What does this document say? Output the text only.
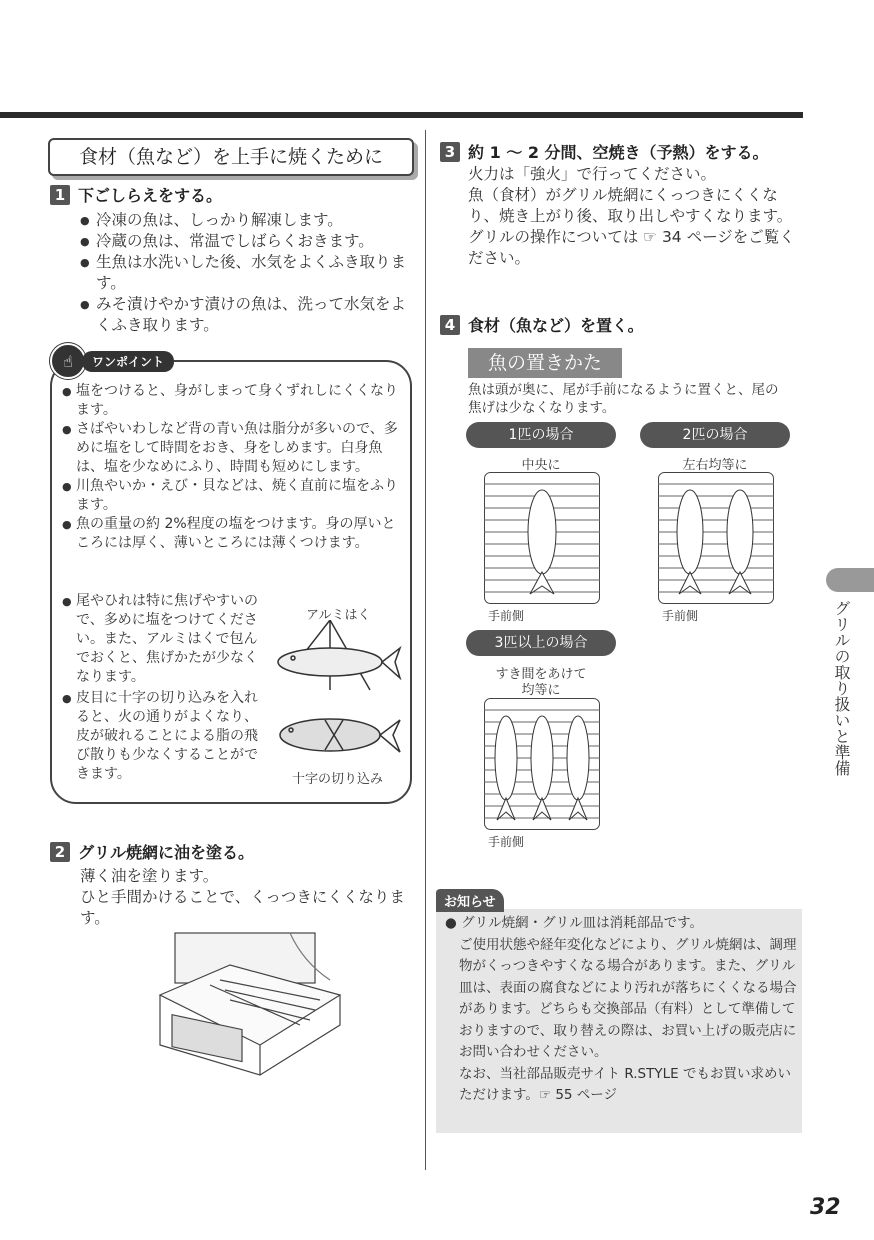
食材（魚など）を上手に焼くために
1 下ごしらえをする。
● 冷凍の魚は、しっかり解凍します。
● 冷蔵の魚は、常温でしばらくおきます。
● 生魚は水洗いした後、水気をよくふき取ります。
● みそ漬けやかす漬けの魚は、洗って水気をよくふき取ります。
☝	ワンポイント
● 塩をつけると、身がしまって身くずれしにくくなります。
● さばやいわしなど背の青い魚は脂分が多いので、多めに塩をして時間をおき、身をしめます。白身魚は、塩を少なめにふり、時間も短めにします。
● 川魚やいか・えび・貝などは、焼く直前に塩をふります。
● 魚の重量の約 2%程度の塩をつけます。身の厚いところには厚く、薄いところには薄くつけます。
● 尾やひれは特に焦げやすいので、多めに塩をつけてください。また、アルミはくで包んでおくと、焦げかたが少なくなります。
● 皮目に十字の切り込みを入れると、火の通りがよくなり、皮が破れることによる脂の飛び散りも少なくすることができます。
アルミはく
十字の切り込み
2 グリル焼網に油を塗る。
薄く油を塗ります。
ひと手間かけることで、くっつきにくくなります。
3 約 1 ～ 2 分間、空焼き（予熱）をする。
火力は「強火」で行ってください。
魚（食材）がグリル焼網にくっつきにくくなり、焼き上がり後、取り出しやすくなります。
グリルの操作については ☞ 34 ページをご覧ください。
4 食材（魚など）を置く。
魚の置きかた
魚は頭が奥に、尾が手前になるように置くと、尾の焦げは少なくなります。
1匹の場合	2匹の場合
中央に	左右均等に
手前側	手前側
3匹以上の場合
すき間をあけて
均等に
手前側
お知らせ
● グリル焼網・グリル皿は消耗部品です。
ご使用状態や経年変化などにより、グリル焼網は、調理物がくっつきやすくなる場合があります。また、グリル皿は、表面の腐食などにより汚れが落ちにくくなる場合があります。どちらも交換部品（有料）として準備しておりますので、取り替えの際は、お買い上げの販売店にお問い合わせください。
なお、当社部品販売サイト R.STYLE でもお買い求めいただけます。☞ 55 ページ
グリルの取り扱いと準備
32
